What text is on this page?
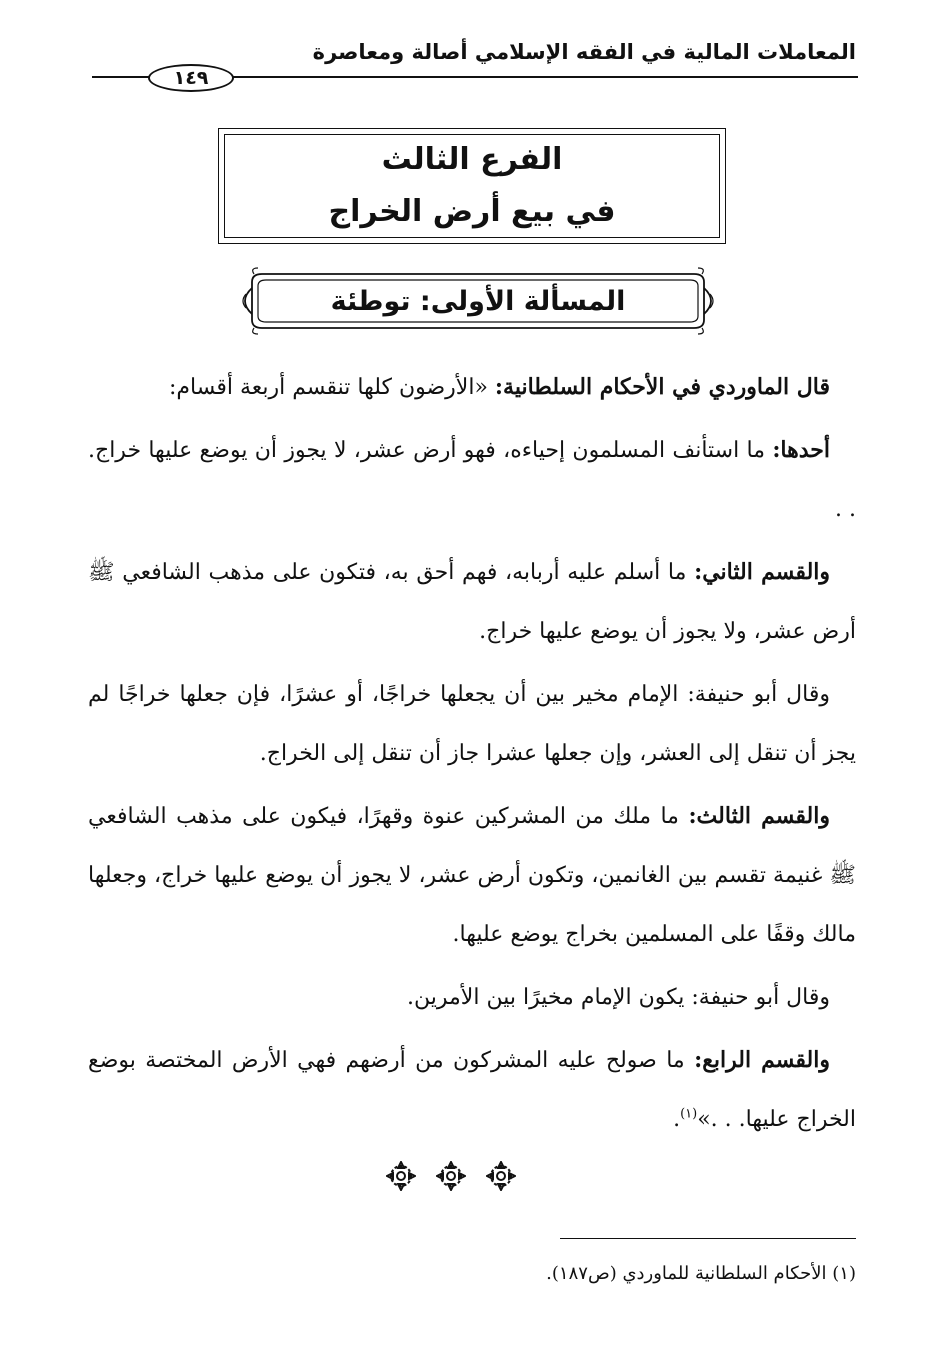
المعاملات المالية في الفقه الإسلامي أصالة ومعاصرة
١٤٩
الفرع الثالث
في بيع أرض الخراج
المسألة الأولى: توطئة

قال الماوردي في الأحكام السلطانية: «الأرضون كلها تنقسم أربعة أقسام:

أحدها: ما استأنف المسلمون إحياءه، فهو أرض عشر، لا يجوز أن يوضع عليها خراج. . .

والقسم الثاني: ما أسلم عليه أربابه، فهم أحق به، فتكون على مذهب الشافعي ﷺ أرض عشر، ولا يجوز أن يوضع عليها خراج.

وقال أبو حنيفة: الإمام مخير بين أن يجعلها خراجًا، أو عشرًا، فإن جعلها خراجًا لم يجز أن تنقل إلى العشر، وإن جعلها عشرا جاز أن تنقل إلى الخراج.

والقسم الثالث: ما ملك من المشركين عنوة وقهرًا، فيكون على مذهب الشافعي ﷺ غنيمة تقسم بين الغانمين، وتكون أرض عشر، لا يجوز أن يوضع عليها خراج، وجعلها مالك وقفًا على المسلمين بخراج يوضع عليها.

وقال أبو حنيفة: يكون الإمام مخيرًا بين الأمرين.

والقسم الرابع: ما صولح عليه المشركون من أرضهم فهي الأرض المختصة بوضع الخراج عليها. . .»$^{(١)}$.

(١) الأحكام السلطانية للماوردي (ص١٨٧).
